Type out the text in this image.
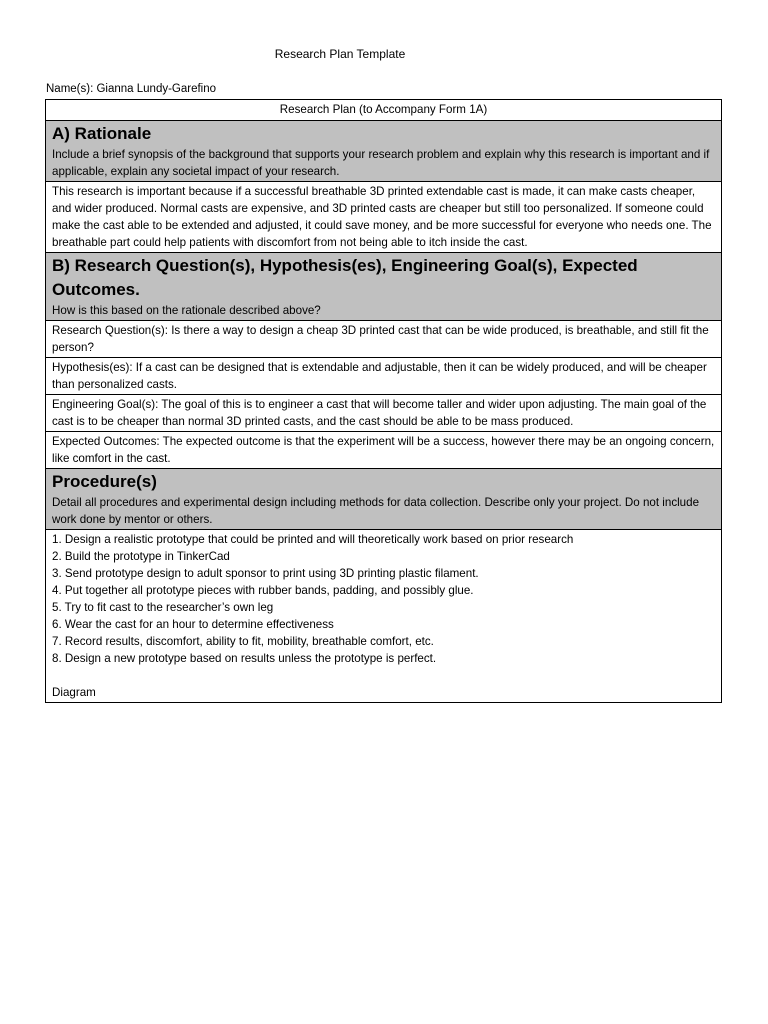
Research Plan Template
Name(s): Gianna Lundy-Garefino
Research Plan (to Accompany Form 1A)

A) Rationale
Include a brief synopsis of the background that supports your research problem and explain why this research is important and if applicable, explain any societal impact of your research.

This research is important because if a successful breathable 3D printed extendable cast is made, it can make casts cheaper, and wider produced. Normal casts are expensive, and 3D printed casts are cheaper but still too personalized. If someone could make the cast able to be extended and adjusted, it could save money, and be more successful for everyone who needs one. The breathable part could help patients with discomfort from not being able to itch inside the cast.

B) Research Question(s), Hypothesis(es), Engineering Goal(s), Expected Outcomes.
How is this based on the rationale described above?

Research Question(s): Is there a way to design a cheap 3D printed cast that can be wide produced, is breathable, and still fit the person?
Hypothesis(es): If a cast can be designed that is extendable and adjustable, then it can be widely produced, and will be cheaper than personalized casts.
Engineering Goal(s): The goal of this is to engineer a cast that will become taller and wider upon adjusting. The main goal of the cast is to be cheaper than normal 3D printed casts, and the cast should be able to be mass produced.
Expected Outcomes: The expected outcome is that the experiment will be a success, however there may be an ongoing concern, like comfort in the cast.

Procedure(s)
Detail all procedures and experimental design including methods for data collection. Describe only your project. Do not include work done by mentor or others.

1. Design a realistic prototype that could be printed and will theoretically work based on prior research
2. Build the prototype in TinkerCad
3. Send prototype design to adult sponsor to print using 3D printing plastic filament.
4. Put together all prototype pieces with rubber bands, padding, and possibly glue.
5. Try to fit cast to the researcher’s own leg
6. Wear the cast for an hour to determine effectiveness
7. Record results, discomfort, ability to fit, mobility, breathable comfort, etc.
8. Design a new prototype based on results unless the prototype is perfect.
Diagram
